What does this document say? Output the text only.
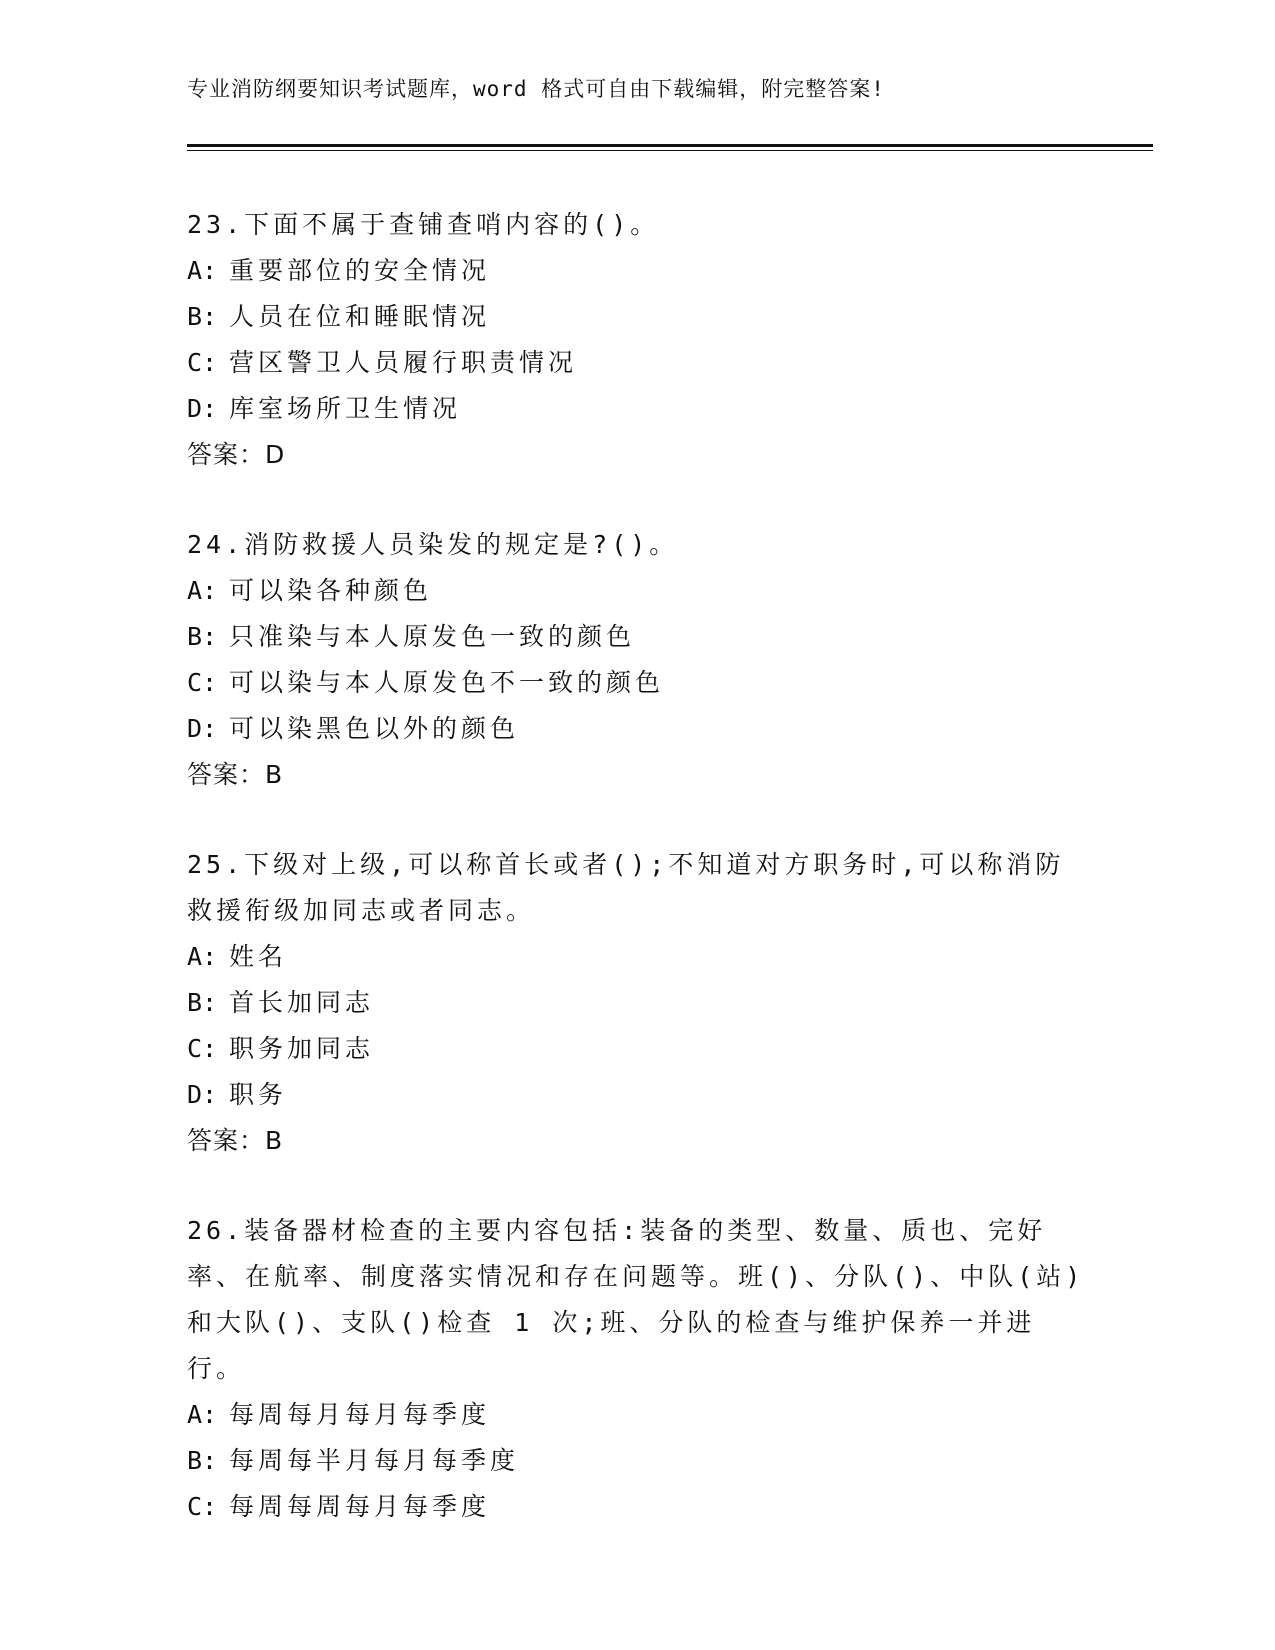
专业消防纲要知识考试题库，word 格式可自由下载编辑，附完整答案!

23.下面不属于查铺查哨内容的()。

A: 重要部位的安全情况

B: 人员在位和睡眠情况

C: 营区警卫人员履行职责情况

D: 库室场所卫生情况

答案：D

24.消防救援人员染发的规定是?()。

A: 可以染各种颜色

B: 只准染与本人原发色一致的颜色

C: 可以染与本人原发色不一致的颜色

D: 可以染黑色以外的颜色

答案：B

25.下级对上级,可以称首长或者();不知道对方职务时,可以称消防救援衔级加同志或者同志。

A: 姓名

B: 首长加同志

C: 职务加同志

D: 职务

答案：B

26.装备器材检查的主要内容包括:装备的类型、数量、质也、完好率、在航率、制度落实情况和存在问题等。班()、分队()、中队(站)和大队()、支队()检查 1 次;班、分队的检查与维护保养一并进行。

A: 每周每月每月每季度

B: 每周每半月每月每季度

C: 每周每周每月每季度
